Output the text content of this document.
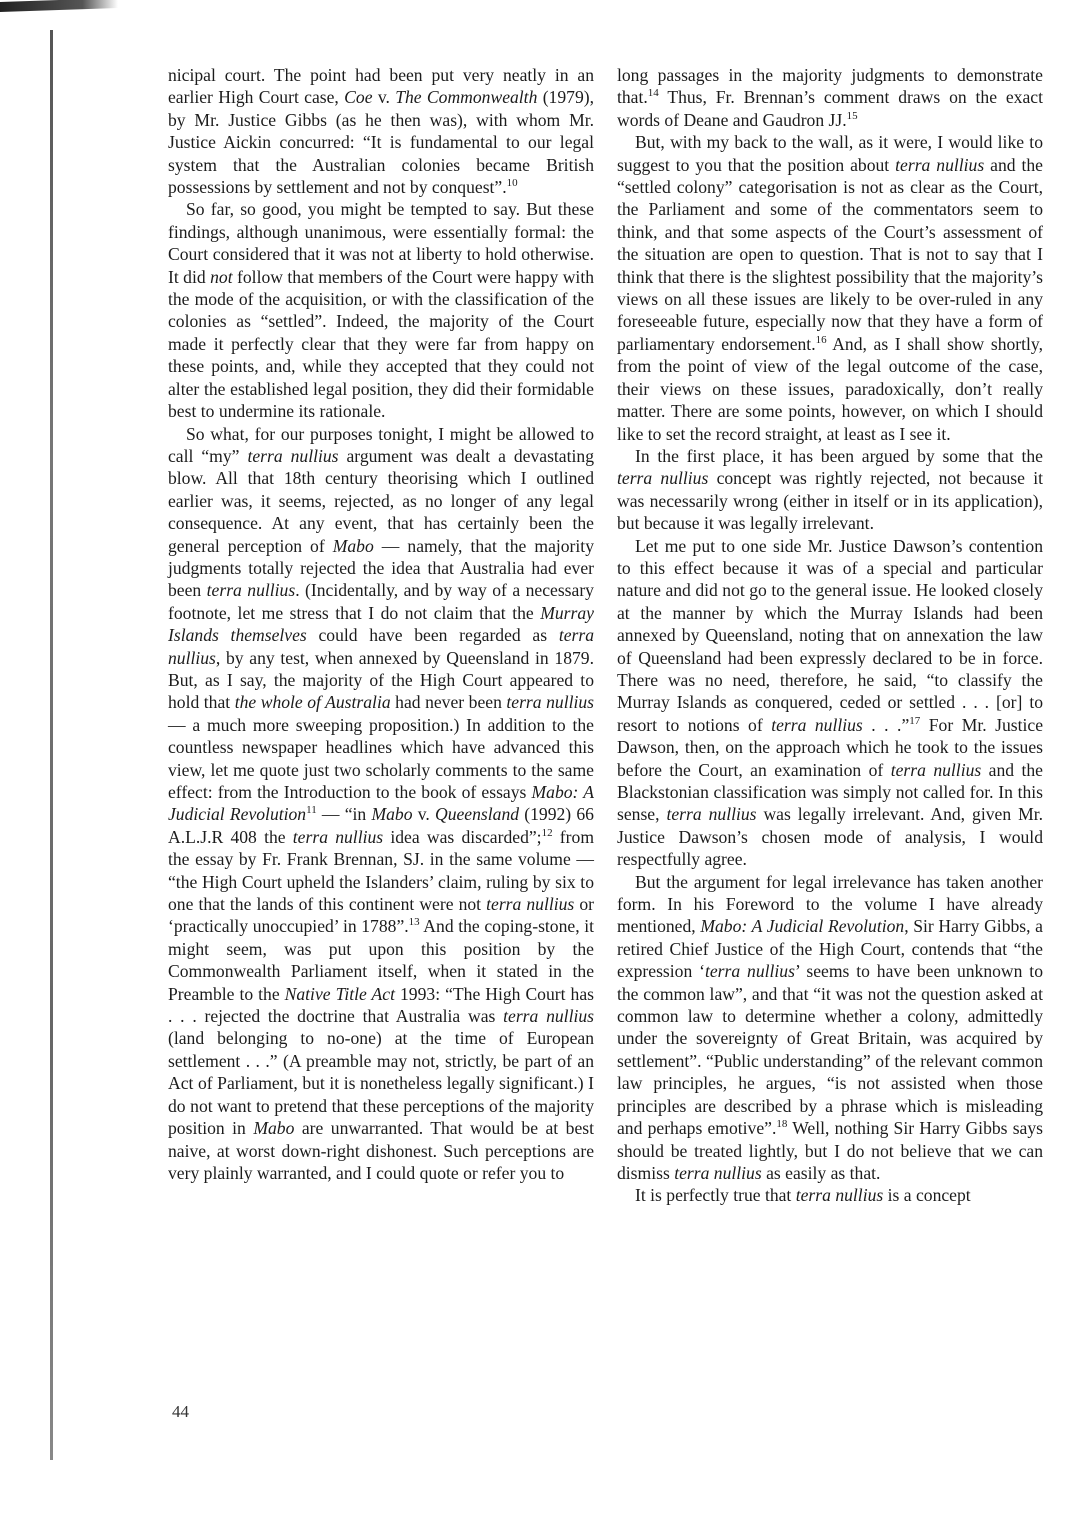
nicipal court. The point had been put very neatly in an earlier High Court case, Coe v. The Commonwealth (1979), by Mr. Justice Gibbs (as he then was), with whom Mr. Justice Aickin concurred: “It is fundamental to our legal system that the Australian colonies became British possessions by settlement and not by conquest”.$^{10}$

So far, so good, you might be tempted to say. But these findings, although unanimous, were essentially formal: the Court considered that it was not at liberty to hold otherwise. It did not follow that members of the Court were happy with the mode of the acquisition, or with the classification of the colonies as “settled”. Indeed, the majority of the Court made it perfectly clear that they were far from happy on these points, and, while they accepted that they could not alter the established legal position, they did their formidable best to undermine its rationale.

So what, for our purposes tonight, I might be allowed to call “my” terra nullius argument was dealt a devastating blow. All that 18th century theorising which I outlined earlier was, it seems, rejected, as no longer of any legal consequence. At any event, that has certainly been the general perception of Mabo — namely, that the majority judgments totally rejected the idea that Australia had ever been terra nullius. (Incidentally, and by way of a necessary footnote, let me stress that I do not claim that the Murray Islands themselves could have been regarded as terra nullius, by any test, when annexed by Queensland in 1879. But, as I say, the majority of the High Court appeared to hold that the whole of Australia had never been terra nullius — a much more sweeping proposition.) In addition to the countless newspaper headlines which have advanced this view, let me quote just two scholarly comments to the same effect: from the Introduction to the book of essays Mabo: A Judicial Revolution$^{11}$ — “in Mabo v. Queensland (1992) 66 A.L.J.R 408 the terra nullius idea was discarded”;$^{12}$ from the essay by Fr. Frank Brennan, SJ. in the same volume — “the High Court upheld the Islanders’ claim, ruling by six to one that the lands of this continent were not terra nullius or ‘practically unoccupied’ in 1788”.$^{13}$ And the coping-stone, it might seem, was put upon this position by the Commonwealth Parliament itself, when it stated in the Preamble to the Native Title Act 1993: “The High Court has . . . rejected the doctrine that Australia was terra nullius (land belonging to no-one) at the time of European settlement . . .” (A preamble may not, strictly, be part of an Act of Parliament, but it is nonetheless legally significant.) I do not want to pretend that these perceptions of the majority position in Mabo are unwarranted. That would be at best naive, at worst down-right dishonest. Such perceptions are very plainly warranted, and I could quote or refer you to

long passages in the majority judgments to demonstrate that.$^{14}$ Thus, Fr. Brennan’s comment draws on the exact words of Deane and Gaudron JJ.$^{15}$

But, with my back to the wall, as it were, I would like to suggest to you that the position about terra nullius and the “settled colony” categorisation is not as clear as the Court, the Parliament and some of the commentators seem to think, and that some aspects of the Court’s assessment of the situation are open to question. That is not to say that I think that there is the slightest possibility that the majority’s views on all these issues are likely to be over-ruled in any foreseeable future, especially now that they have a form of parliamentary endorsement.$^{16}$ And, as I shall show shortly, from the point of view of the legal outcome of the case, their views on these issues, paradoxically, don’t really matter. There are some points, however, on which I should like to set the record straight, at least as I see it.

In the first place, it has been argued by some that the terra nullius concept was rightly rejected, not because it was necessarily wrong (either in itself or in its application), but because it was legally irrelevant.

Let me put to one side Mr. Justice Dawson’s contention to this effect because it was of a special and particular nature and did not go to the general issue. He looked closely at the manner by which the Murray Islands had been annexed by Queensland, noting that on annexation the law of Queensland had been expressly declared to be in force. There was no need, therefore, he said, “to classify the Murray Islands as conquered, ceded or settled . . . [or] to resort to notions of terra nullius . . .”$^{17}$ For Mr. Justice Dawson, then, on the approach which he took to the issues before the Court, an examination of terra nullius and the Blackstonian classification was simply not called for. In this sense, terra nullius was legally irrelevant. And, given Mr. Justice Dawson’s chosen mode of analysis, I would respectfully agree.

But the argument for legal irrelevance has taken another form. In his Foreword to the volume I have already mentioned, Mabo: A Judicial Revolution, Sir Harry Gibbs, a retired Chief Justice of the High Court, contends that “the expression ‘terra nullius’ seems to have been unknown to the common law”, and that “it was not the question asked at common law to determine whether a colony, admittedly under the sovereignty of Great Britain, was acquired by settlement”. “Public understanding” of the relevant common law principles, he argues, “is not assisted when those principles are described by a phrase which is misleading and perhaps emotive”.$^{18}$ Well, nothing Sir Harry Gibbs says should be treated lightly, but I do not believe that we can dismiss terra nullius as easily as that.

It is perfectly true that terra nullius is a concept

44
